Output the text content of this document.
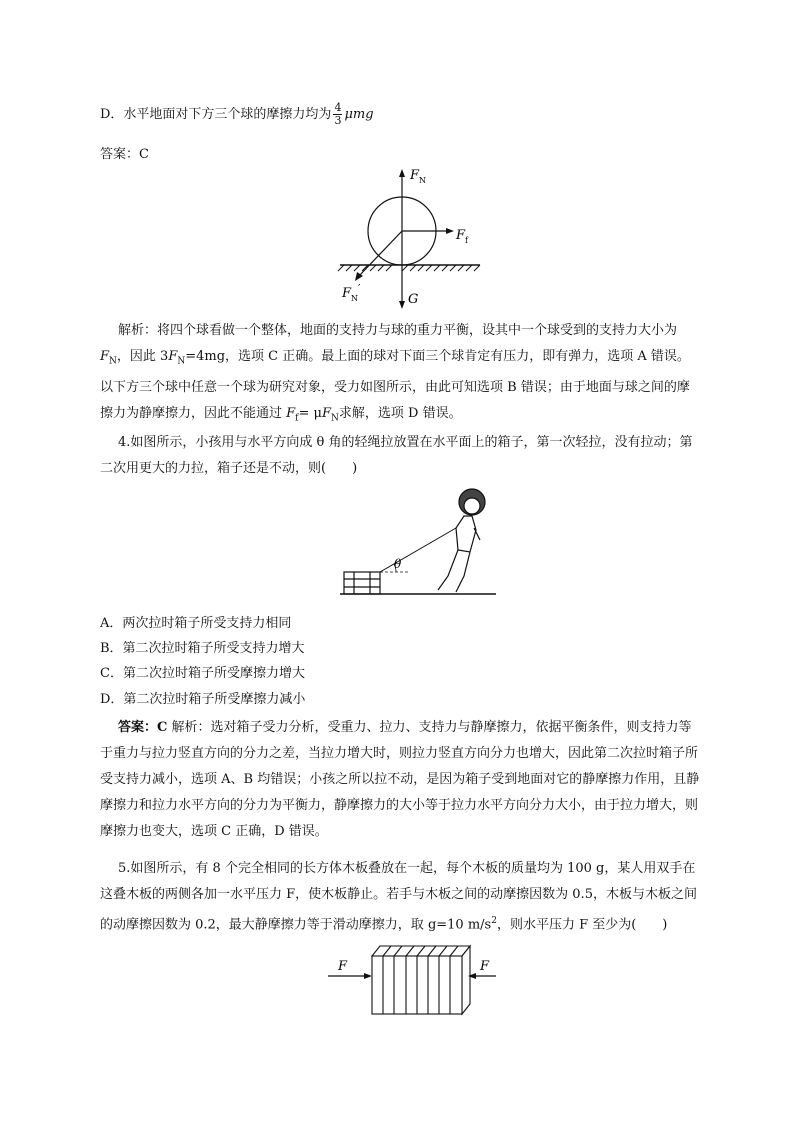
D．水平地面对下方三个球的摩擦力均为 $\frac{4}{3}$ μmg
答案：C
$F_N$
$F_f$
$F_N'$
G
解析：将四个球看做一个整体，地面的支持力与球的重力平衡，设其中一个球受到的支持力大小为$F_N$，因此 $3F_N=4mg$，选项 C 正确。最上面的球对下面三个球肯定有压力，即有弹力，选项 A 错误。以下方三个球中任意一个球为研究对象，受力如图所示，由此可知选项 B 错误；由于地面与球之间的摩擦力为静摩擦力，因此不能通过 $F_f= \mu F_N$求解，选项 D 错误。
4.如图所示，小孩用与水平方向成 θ 角的轻绳拉放置在水平面上的箱子，第一次轻拉，没有拉动；第二次用更大的力拉，箱子还是不动，则(　　)
θ
A．两次拉时箱子所受支持力相同
B．第二次拉时箱子所受支持力增大
C．第二次拉时箱子所受摩擦力增大
D．第二次拉时箱子所受摩擦力减小
答案：C 解析：选对箱子受力分析，受重力、拉力、支持力与静摩擦力，依据平衡条件，则支持力等于重力与拉力竖直方向的分力之差，当拉力增大时，则拉力竖直方向分力也增大，因此第二次拉时箱子所受支持力减小，选项 A、B 均错误；小孩之所以拉不动，是因为箱子受到地面对它的静摩擦力作用，且静摩擦力和拉力水平方向的分力为平衡力，静摩擦力的大小等于拉力水平方向分力大小，由于拉力增大，则摩擦力也变大，选项 C 正确，D 错误。
5.如图所示，有 8 个完全相同的长方体木板叠放在一起，每个木板的质量均为 100 g，某人用双手在这叠木板的两侧各加一水平压力 F，使木板静止。若手与木板之间的动摩擦因数为 0.5，木板与木板之间的动摩擦因数为 0.2，最大静摩擦力等于滑动摩擦力，取 g=10 $m/s^2$，则水平压力 F 至少为(　　)
F	F
